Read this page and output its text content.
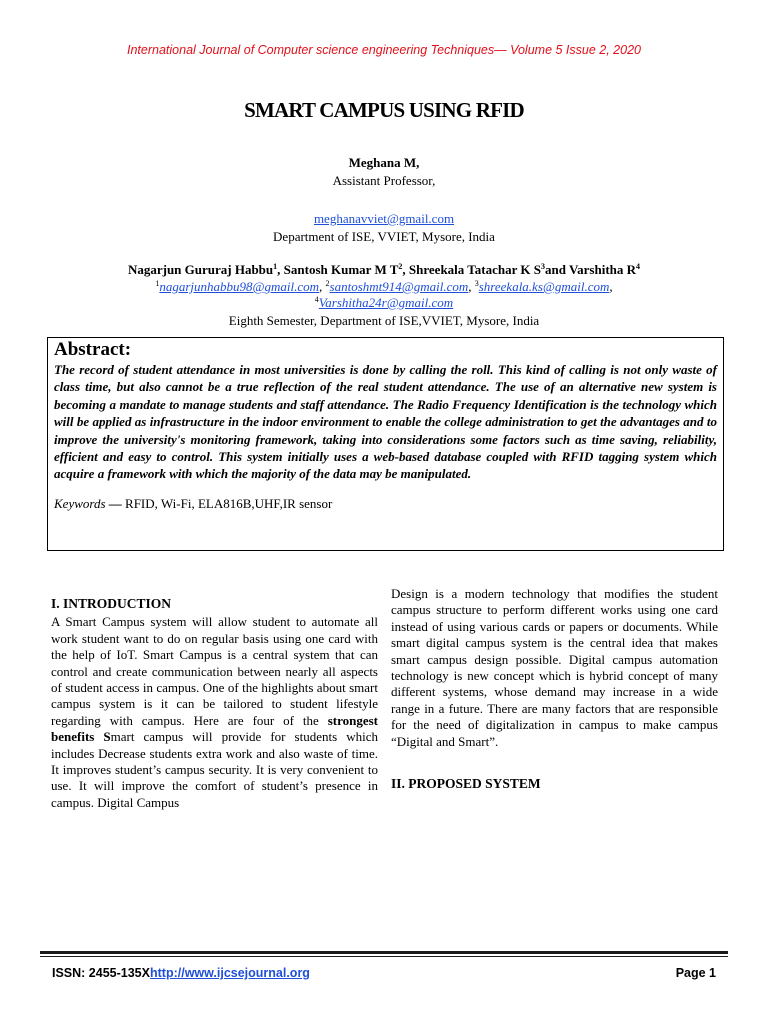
International Journal of Computer science engineering Techniques— Volume 5 Issue 2, 2020
SMART CAMPUS USING RFID
Meghana M,
Assistant Professor,
meghanavviet@gmail.com
Department of ISE, VVIET, Mysore, India
Nagarjun Gururaj Habbu$^1$, Santosh Kumar M $T^2$, Shreekala Tatachar K $S^3and$ Varshitha $R^4$
$^1$nagarjunhabbu98@gmail.com, $^2$santoshmt914@gmail.com, $^3$shreekala.ks@gmail.com,
$^4$Varshitha24r@gmail.com
Eighth Semester, Department of ISE,VVIET, Mysore, India
Abstract:
The record of student attendance in most universities is done by calling the roll. This kind of calling is not only waste of class time, but also cannot be a true reflection of the real student attendance. The use of an alternative new system is becoming a mandate to manage students and staff attendance. The Radio Frequency Identification is the technology which will be applied as infrastructure in the indoor environment to enable the college administration to get the advantages and to improve the university's monitoring framework, taking into considerations some factors such as time saving, reliability, efficient and easy to control. This system initially uses a web-based database coupled with RFID tagging system which acquire a framework with which the majority of the data may be manipulated.
Keywords — RFID, Wi-Fi, ELA816B,UHF,IR sensor
I. INTRODUCTION
A Smart Campus system will allow student to automate all work student want to do on regular basis using one card with the help of IoT. Smart Campus is a central system that can control and create communication between nearly all aspects of student access in campus. One of the highlights about smart campus system is it can be tailored to student lifestyle regarding with campus. Here are four of the strongest benefits Smart campus will provide for students which includes Decrease students extra work and also waste of time. It improves student’s campus security. It is very convenient to use. It will improve the comfort of student’s presence in campus. Digital Campus
Design is a modern technology that modifies the student campus structure to perform different works using one card instead of using various cards or papers or documents. While smart digital campus system is the central idea that makes smart campus design possible. Digital campus automation technology is new concept which is hybrid concept of many different systems, whose demand may increase in a wide range in a future. There are many factors that are responsible for the need of digitalization in campus to make campus “Digital and Smart”.
II. PROPOSED SYSTEM
ISSN: 2455-135Xhttp://www.ijcsejournal.org	Page 1
